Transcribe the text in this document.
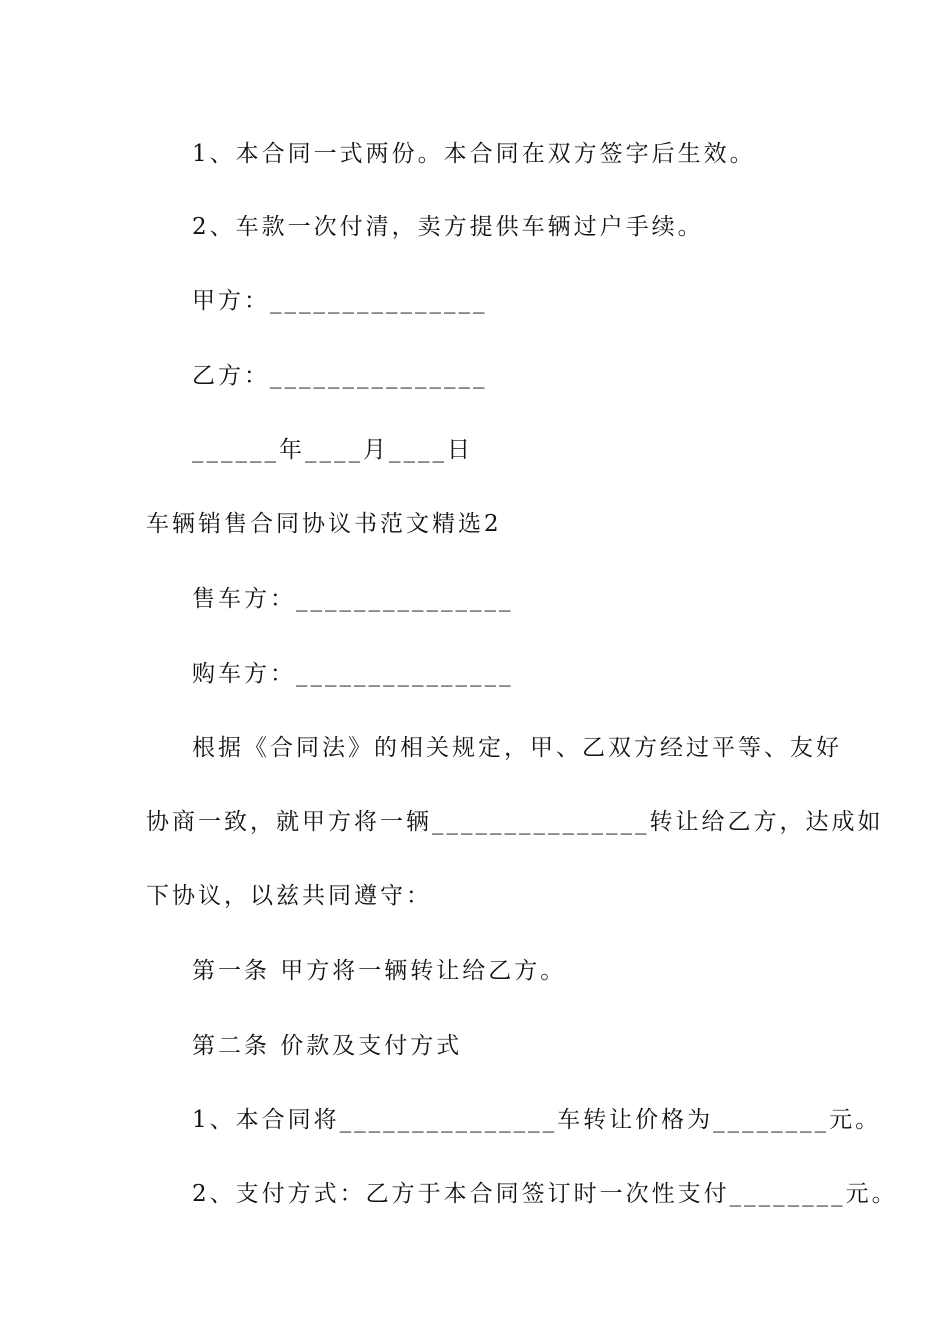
1、本合同一式两份。本合同在双方签字后生效。

2、车款一次付清，卖方提供车辆过户手续。

甲方：_______________

乙方：_______________

______年____月____日

车辆销售合同协议书范文精选2

售车方：_______________

购车方：_______________

根据《合同法》的相关规定，甲、乙双方经过平等、友好

协商一致，就甲方将一辆_______________转让给乙方，达成如

下协议，以兹共同遵守：

第一条 甲方将一辆转让给乙方。

第二条 价款及支付方式

1、本合同将_______________车转让价格为________元。

2、支付方式：乙方于本合同签订时一次性支付________元。
